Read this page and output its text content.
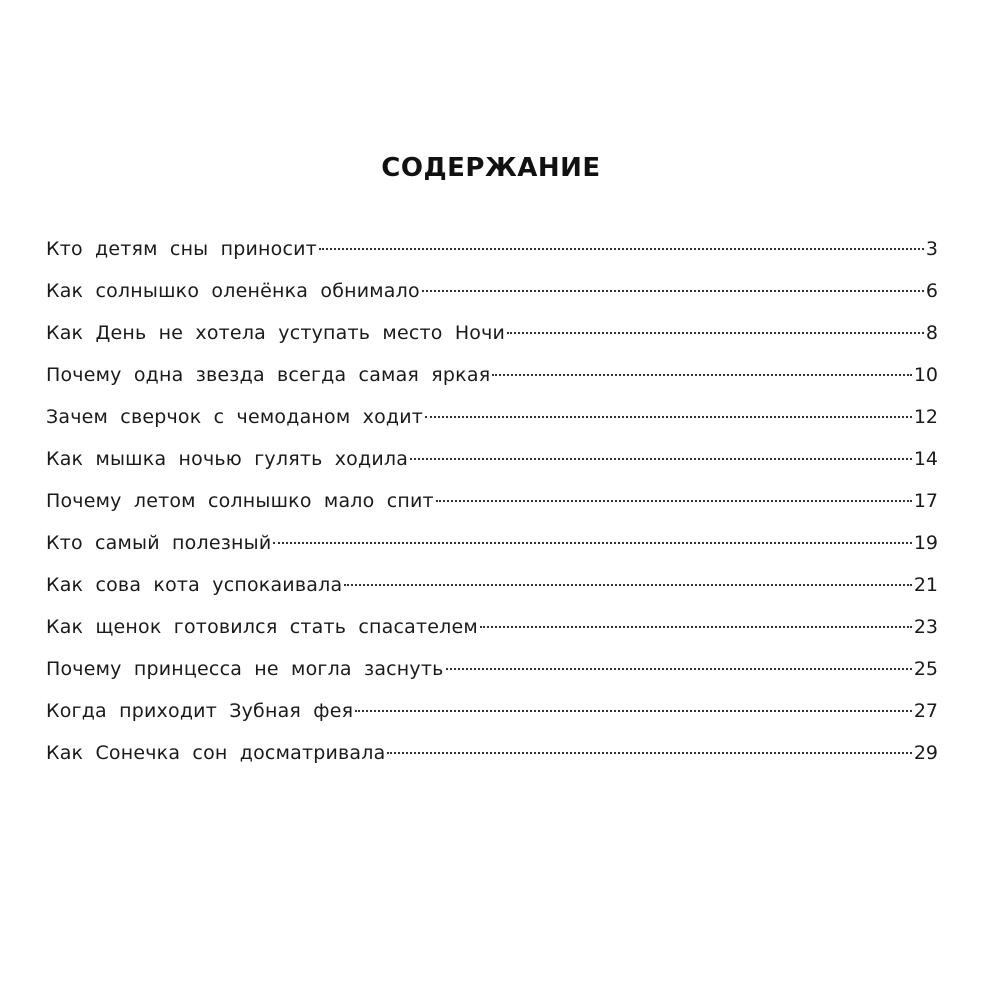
СОДЕРЖАНИЕ
Кто детям сны приносит	3
Как солнышко оленёнка обнимало	6
Как День не хотела уступать место Ночи	8
Почему одна звезда всегда самая яркая	10
Зачем сверчок с чемоданом ходит	12
Как мышка ночью гулять ходила	14
Почему летом солнышко мало спит	17
Кто самый полезный	19
Как сова кота успокаивала	21
Как щенок готовился стать спасателем	23
Почему принцесса не могла заснуть	25
Когда приходит Зубная фея	27
Как Сонечка сон досматривала	29
